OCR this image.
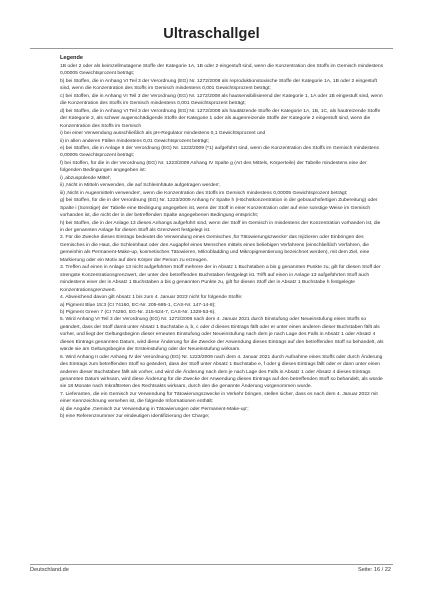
Ultraschallgel
Legende

1B oder 2 oder als keimzellmutagene Stoffe der Kategorie 1A, 1B oder 2 eingestuft sind, wenn die Konzentration des Stoffs im Gemisch mindestens 0,00005 Gewichtsprozent beträgt;

b) bei Stoffen, die in Anhang VI Teil 3 der Verordnung (EG) Nr. 1272/2008 als reproduktionstoxische Stoffe der Kategorie 1A, 1B oder 2 eingestuft sind, wenn die Konzentration des Stoffs im Gemisch mindestens 0,001 Gewichtsprozent beträgt;

c) bei Stoffen, die in Anhang VI Teil 3 der Verordnung (EG) Nr. 1272/2008 als hautsensibilisierend der Kategorie 1, 1A oder 1B eingestuft sind, wenn die Konzentration des Stoffs im Gemisch mindestens 0,001 Gewichtsprozent beträgt;

d) bei Stoffen, die in Anhang VI Teil 3 der Verordnung (EG) Nr. 1272/2008 als hautätzende Stoffe der Kategorie 1A, 1B, 1C, als hautreizende Stoffe der Kategorie 2, als schwer augenschädigende Stoffe der Kategorie 1 oder als augenreizende Stoffe der Kategorie 2 eingestuft sind, wenn die Konzentration des Stoffs im Gemisch

i) bei einer Verwendung ausschließlich als pH-Regulator mindestens 0,1 Gewichtsprozent und

ii) in allen anderen Fällen mindestens 0,01 Gewichtsprozent beträgt;

e) bei Stoffen, die in Anlage II der Verordnung (EG) Nr. 1223/2009 (*1) aufgeführt sind, wenn die Konzentration des Stoffs im Gemisch mindestens 0,00005 Gewichtsprozent beträgt;

f) bei Stoffen, für die in der Verordnung (EG) Nr. 1223/2009 Anhang IV Spalte g (Art des Mittels, Körperteile) der Tabelle mindestens eine der folgenden Bedingungen angegeben ist:

i) ‚abzuspülende Mittel',

ii) ‚Nicht in Mitteln verwenden, die auf Schleimhäute aufgetragen werden',

iii) ‚Nicht in Augenmitteln verwenden', wenn die Konzentration des Stoffs im Gemisch mindestens 0,00005 Gewichtsprozent beträgt;

g) bei Stoffen, für die in der Verordnung (EG) Nr. 1223/2009 Anhang IV Spalte h (Höchstkonzentration in der gebrauchsfertigen Zubereitung) oder Spalte i (Sonstige) der Tabelle eine Bedingung angegeben ist, wenn der Stoff in einer Konzentration oder auf eine sonstige Weise im Gemisch vorhanden ist, die nicht der in der betreffenden Spalte angegebenen Bedingung entspricht;

h) bei Stoffen, die in der Anlage 13 dieses Anhangs aufgeführt sind, wenn der Stoff im Gemisch in mindestens der Konzentration vorhanden ist, die in der genannten Anlage für diesen Stoff als Grenzwert festgelegt ist.

2. Für die Zwecke dieses Eintrags bedeutet die Verwendung eines Gemisches ‚für Tätowierungszwecke' das Injizieren oder Einbringen des Gemisches in die Haut, die Schleimhaut oder den Augapfel eines Menschen mittels eines beliebigen Verfahrens (einschließlich Verfahren, die gemeinhin als Permanent-Make-up, kosmetisches Tätowieren, Mikrobladding und Mikropigmentierung bezeichnet werden), mit dem Ziel, eine Markierung oder ein Motiv auf dem Körper der Person zu erzeugen.

3. Treffen auf einen in Anlage 13 nicht aufgeführten Stoff mehrere der in Absatz 1 Buchstaben a bis g genannten Punkte zu, gilt für diesen Stoff der strengste Konzentrationsgrenzwert, der unter den betreffenden Buchstaben festgelegt ist. Trifft auf einen in Anlage 13 aufgeführten Stoff auch mindestens einer der in Absatz 1 Buchstaben a bis g genannten Punkte zu, gilt für diesen Stoff der in Absatz 1 Buchstabe h festgelegte Konzentrationsgrenzwert.

4. Abweichend davon gilt Absatz 1 bis zum 4. Januar 2023 nicht für folgende Stoffe:

a) Pigment Blue 15:3 (CI 74160, EC-Nr. 205-685-1, CAS-Nr. 147-14-8);

b) Pigment Green 7 (CI 74260, EG-Nr. 215-524-7, CAS-Nr. 1328-53-6).

5. Wird Anhang VI Teil 3 der Verordnung (EG) Nr. 1272/2008 nach dem 4. Januar 2021 durch Einstufung oder Neueinstufung eines Stoffs so geändert, dass der Stoff damit unter Absatz 1 Buchstabe a, b, c oder d dieses Eintrags fällt oder er unter einen anderen dieser Buchstaben fällt als vorher, und liegt der Geltungsbeginn dieser erneuten Einstufung oder Neueinstufung nach dem je nach Lage des Falls in Absatz 1 oder Absatz 4 dieses Eintrags genannten Datum, wird diese Änderung für die Zwecke der Anwendung dieses Eintrags auf den betreffenden Stoff so behandelt, als würde sie am Geltungsbeginn der Ersteinstufung oder der Neueinstufung wirksam.

6. Wird Anhang II oder Anhang IV der Verordnung (EG) Nr. 1223/2009 nach dem 4. Januar 2021 durch Aufnahme eines Stoffs oder durch Änderung des Eintrags zum betreffenden Stoff so geändert, dass der Stoff unter Absatz 1 Buchstabe e, f oder g dieses Eintrags fällt oder er dann unter einen anderen dieser Buchstaben fällt als vorher, und wird die Änderung nach dem je nach Lage des Falls in Absatz 1 oder Absatz 4 dieses Eintrags genannten Datum wirksam, wird diese Änderung für die Zwecke der Anwendung dieses Eintrags auf den betreffenden Stoff so behandelt, als würde sie 18 Monate nach Inkrafttreten des Rechtsakts wirksam, durch den die genannte Änderung vorgenommen wurde.

7. Lieferanten, die ein Gemisch zur Verwendung für Tätowierungszwecke in Verkehr bringen, stellen sicher, dass es nach dem 4. Januar 2022 mit einer Kennzeichnung versehen ist, die folgende Informationen enthält:

a) die Angabe ‚Gemisch zur Verwendung in Tätowierungen oder Permanent-Make-up';

b) eine Referenznummer zur eindeutigen Identifizierung der Charge;

Deutschland.de	Seite: 16 / 22
